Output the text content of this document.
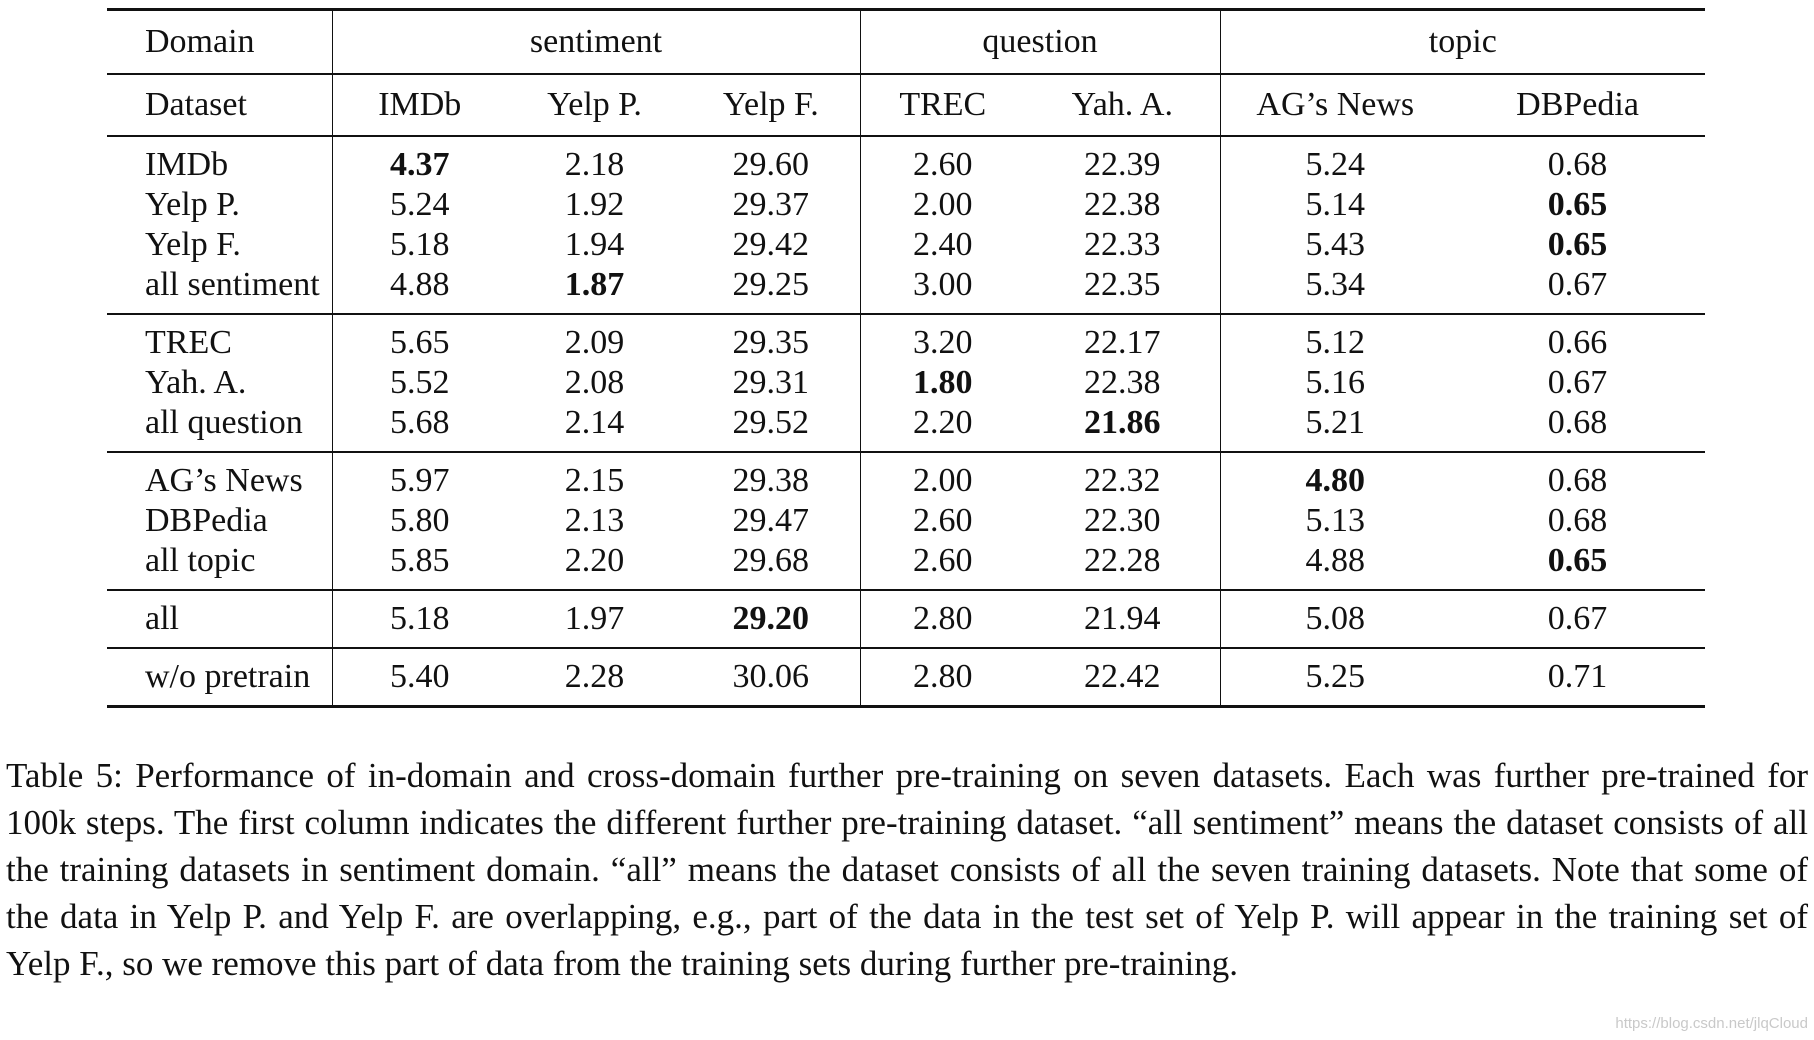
Domain	sentiment			question		topic	
Dataset	IMDb	Yelp P.	Yelp F.	TREC	Yah. A.	AG’s News	DBPedia
IMDb	4.37	2.18	29.60	2.60	22.39	5.24	0.68
Yelp P.	5.24	1.92	29.37	2.00	22.38	5.14	0.65
Yelp F.	5.18	1.94	29.42	2.40	22.33	5.43	0.65
all sentiment	4.88	1.87	29.25	3.00	22.35	5.34	0.67
TREC	5.65	2.09	29.35	3.20	22.17	5.12	0.66
Yah. A.	5.52	2.08	29.31	1.80	22.38	5.16	0.67
all question	5.68	2.14	29.52	2.20	21.86	5.21	0.68
AG’s News	5.97	2.15	29.38	2.00	22.32	4.80	0.68
DBPedia	5.80	2.13	29.47	2.60	22.30	5.13	0.68
all topic	5.85	2.20	29.68	2.60	22.28	4.88	0.65
all	5.18	1.97	29.20	2.80	21.94	5.08	0.67
w/o pretrain	5.40	2.28	30.06	2.80	22.42	5.25	0.71

Table 5: Performance of in-domain and cross-domain further pre-training on seven datasets. Each was further pre-trained for 100k steps. The first column indicates the different further pre-training dataset. “all sentiment” means the dataset consists of all the training datasets in sentiment domain. “all” means the dataset consists of all the seven training datasets. Note that some of the data in Yelp P. and Yelp F. are overlapping, e.g., part of the data in the test set of Yelp P. will appear in the training set of Yelp F., so we remove this part of data from the training sets during further pre-training.

https://blog.csdn.net/jlqCloud
